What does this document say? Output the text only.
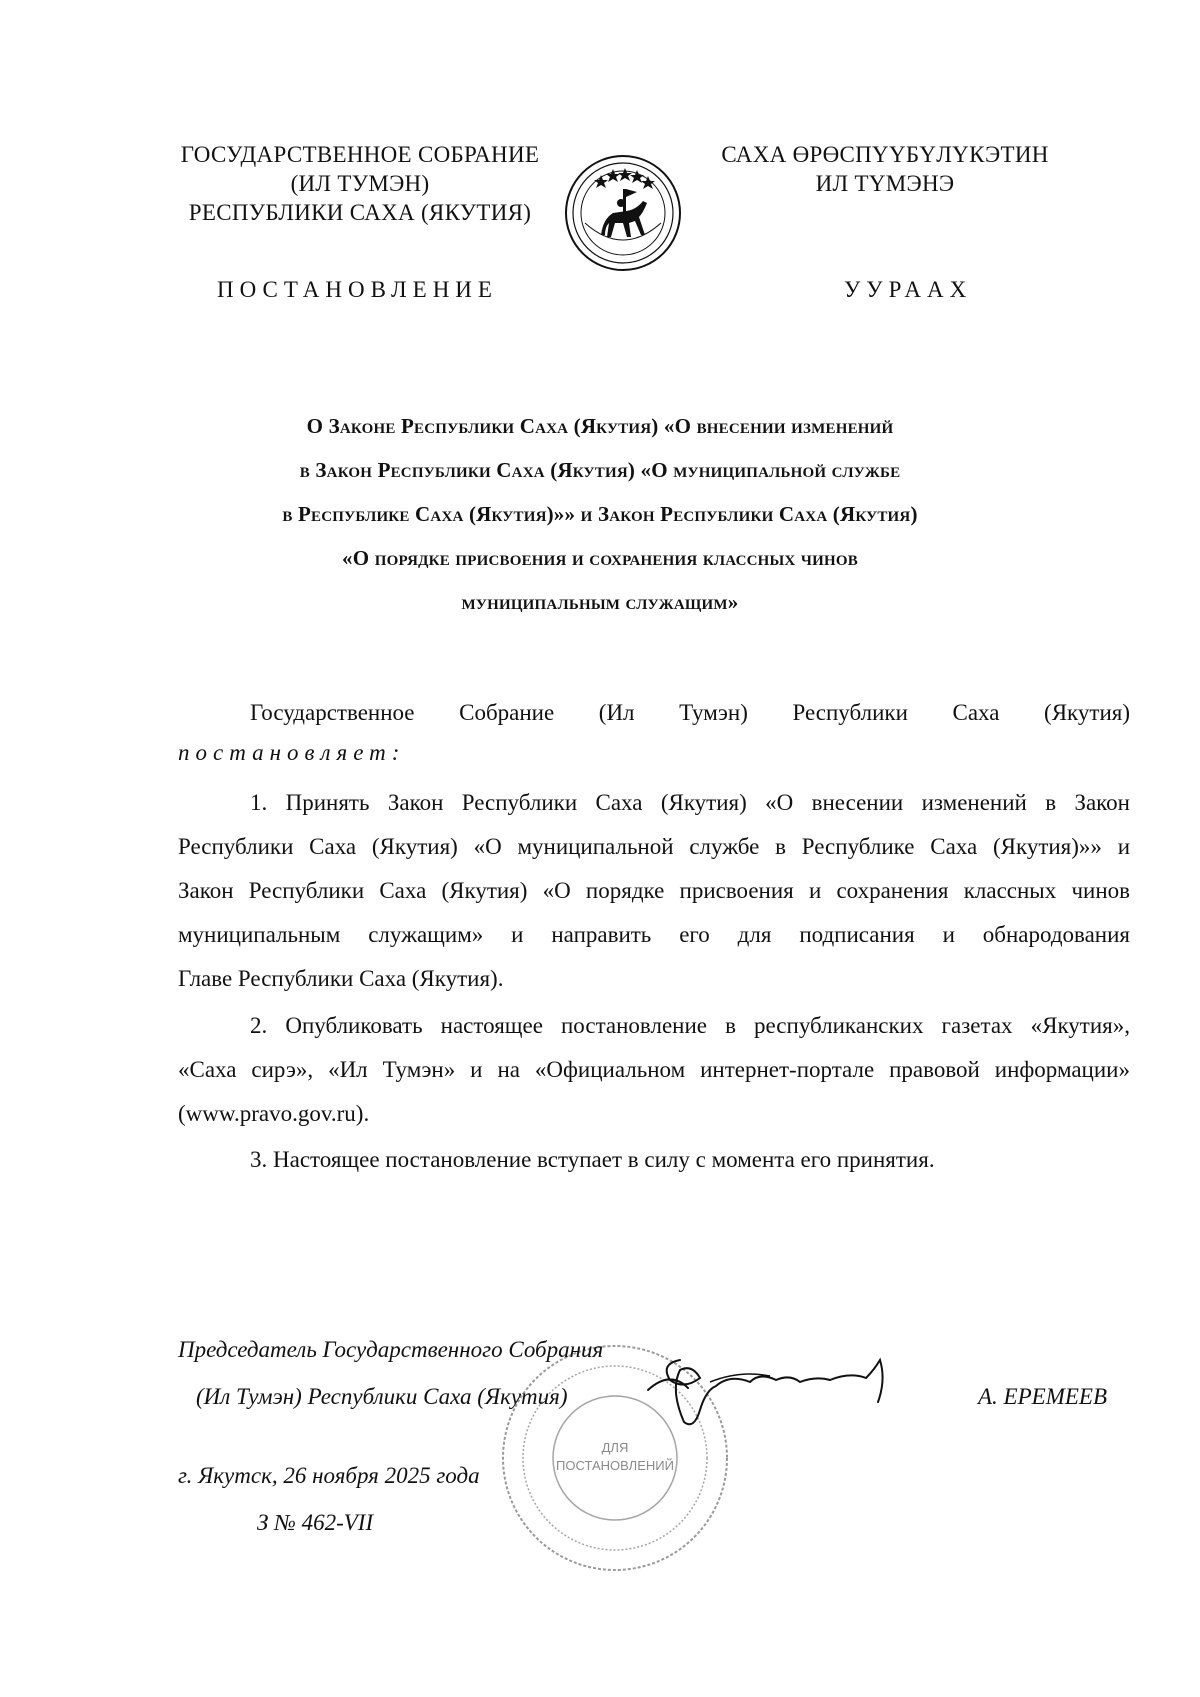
ГОСУДАРСТВЕННОЕ СОБРАНИЕ
(ИЛ ТУМЭН)
РЕСПУБЛИКИ САХА (ЯКУТИЯ)
САХА ӨРӨСПҮҮБҮЛҮКЭТИН
ИЛ ТҮМЭНЭ
ПОСТАНОВЛЕНИЕ	УУРААХ
О Законе Республики Саха (Якутия) «О внесении изменений
в Закон Республики Саха (Якутия) «О муниципальной службе
в Республике Саха (Якутия)»» и Закон Республики Саха (Якутия)
«О порядке присвоения и сохранения классных чинов
муниципальным служащим»
Государственное Собрание (Ил Тумэн) Республики Саха (Якутия)
постановляет:
1. Принять Закон Республики Саха (Якутия) «О внесении изменений в Закон
Республики Саха (Якутия) «О муниципальной службе в Республике Саха (Якутия)»» и
Закон Республики Саха (Якутия) «О порядке присвоения и сохранения классных чинов
муниципальным служащим» и направить его для подписания и обнародования
Главе Республики Саха (Якутия).
2. Опубликовать настоящее постановление в республиканских газетах «Якутия»,
«Саха сирэ», «Ил Тумэн» и на «Официальном интернет-портале правовой информации»
(www.pravo.gov.ru).
3. Настоящее постановление вступает в силу с момента его принятия.
ДЛЯ
ПОСТАНОВЛЕНИЙ
Председатель Государственного Собрания
(Ил Тумэн) Республики Саха (Якутия)	А. ЕРЕМЕЕВ
г. Якутск, 26 ноября 2025 года
З № 462-VII
